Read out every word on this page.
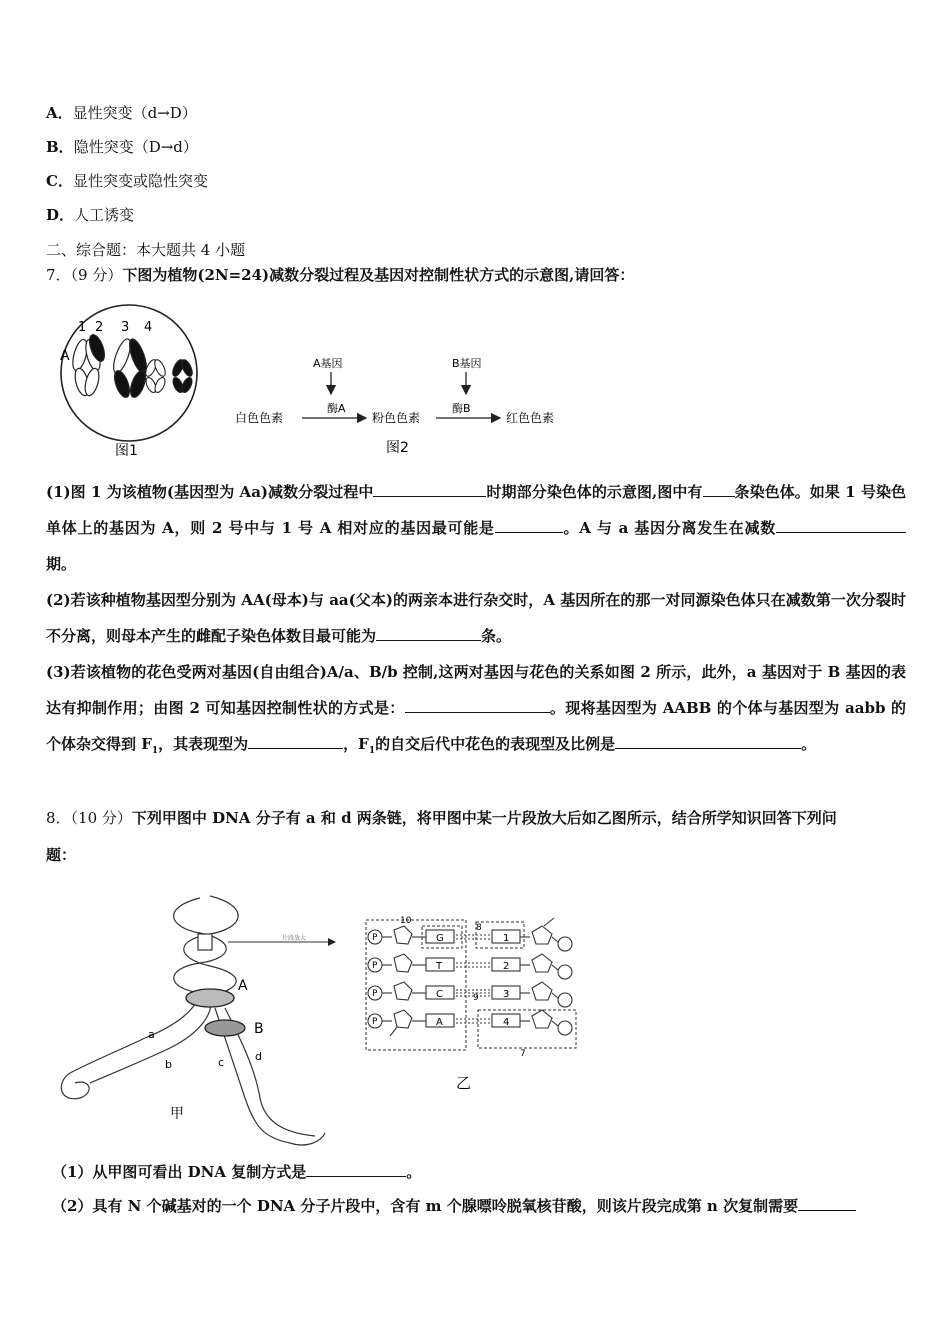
A．显性突变（d→D）
B．隐性突变（D→d）
C．显性突变或隐性突变
D．人工诱变
二、综合题：本大题共 4 小题
7．（9 分）下图为植物(2N=24)减数分裂过程及基因对控制性状方式的示意图,请回答：
1 2 3 4
A
图1
A基因
酶A
B基因
酶B
白色色素	粉色色素	红色色素
图2
(1)图 1 为该植物(基因型为 Aa)减数分裂过程中	时期部分染色体的示意图,图中有 条染色体。如果 1 号染色单体上的基因为 A，则 2 号中与 1 号 A 相对应的基因最可能是	。A 与 a 基因分离发生在减数 期。
(2)若该种植物基因型分别为 AA(母本)与 aa(父本)的两亲本进行杂交时，A 基因所在的那一对同源染色体只在减数第一次分裂时不分离，则母本产生的雌配子染色体数目最可能为	条。
(3)若该植物的花色受两对基因(自由组合)A/a、B/b 控制,这两对基因与花色的关系如图 2 所示，此外，a 基因对于 B 基因的表达有抑制作用；由图 2 可知基因控制性状的方式是：	。现将基因型为 AABB 的个体与基因型为 aabb 的个体杂交得到 $F_1$，其表现型为	，$F_1$的自交后代中花色的表现型及比例是	。
8．（10 分）下列甲图中 DNA 分子有 a 和 d 两条链，将甲图中某一片段放大后如乙图所示，结合所学知识回答下列问
题：
A
B
a
b	c	d
甲
片段放大
10
8
9
7
P
P
P
P
G
T
C
A
1
2
3
4
乙
（1）从甲图可看出 DNA 复制方式是	。
（2）具有 N 个碱基对的一个 DNA 分子片段中，含有 m 个腺嘌呤脱氧核苷酸，则该片段完成第 n 次复制需要
